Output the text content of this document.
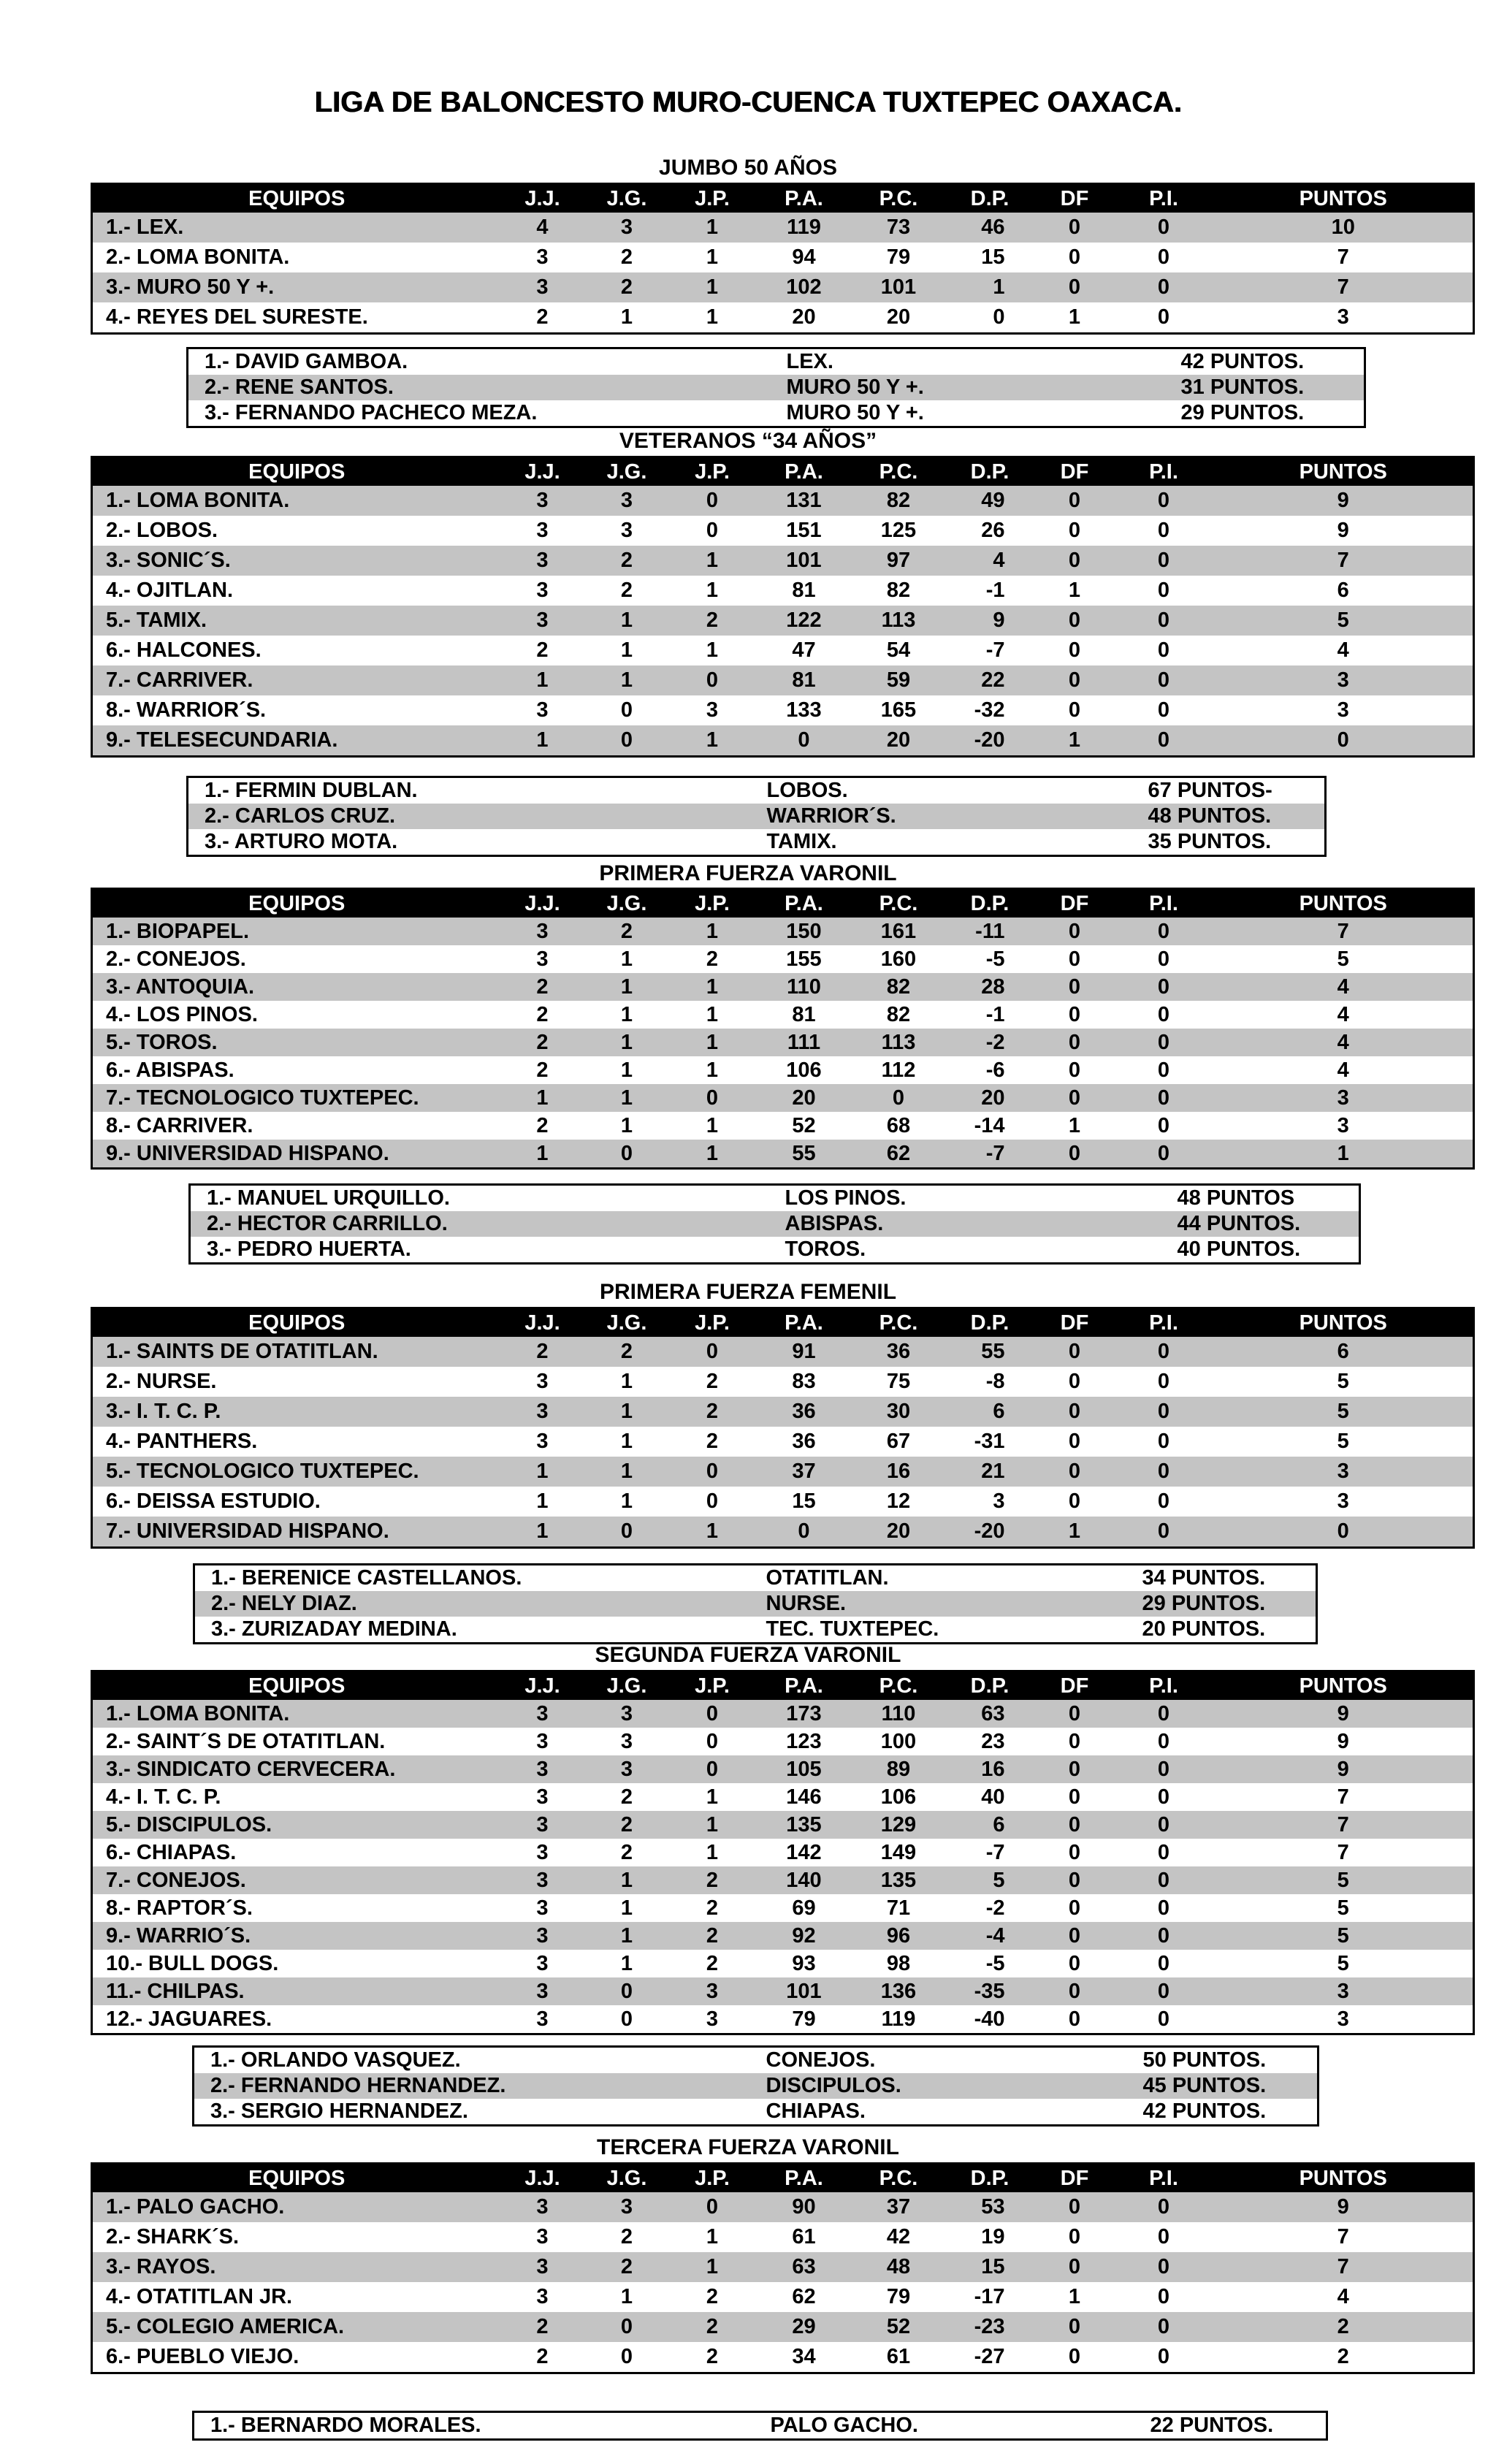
LIGA DE BALONCESTO MURO-CUENCA TUXTEPEC OAXACA.
JUMBO 50 AÑOS
EQUIPOS	J.J.	J.G.	J.P.	P.A.	P.C.	D.P.	DF	P.I.	PUNTOS
1.- LEX.	4	3	1	119	73	46	0	0	10
2.- LOMA BONITA.	3	2	1	94	79	15	0	0	7
3.- MURO 50 Y +.	3	2	1	102	101	1	0	0	7
4.- REYES DEL SURESTE.	2	1	1	20	20	0	1	0	3
1.- DAVID GAMBOA.	LEX.	42 PUNTOS.
2.- RENE SANTOS.	MURO 50 Y +.	31 PUNTOS.
3.- FERNANDO PACHECO MEZA.	MURO 50 Y +.	29 PUNTOS.
VETERANOS “34 AÑOS”
EQUIPOS	J.J.	J.G.	J.P.	P.A.	P.C.	D.P.	DF	P.I.	PUNTOS
1.- LOMA BONITA.	3	3	0	131	82	49	0	0	9
2.- LOBOS.	3	3	0	151	125	26	0	0	9
3.- SONIC´S.	3	2	1	101	97	4	0	0	7
4.- OJITLAN.	3	2	1	81	82	-1	1	0	6
5.- TAMIX.	3	1	2	122	113	9	0	0	5
6.- HALCONES.	2	1	1	47	54	-7	0	0	4
7.- CARRIVER.	1	1	0	81	59	22	0	0	3
8.- WARRIOR´S.	3	0	3	133	165	-32	0	0	3
9.- TELESECUNDARIA.	1	0	1	0	20	-20	1	0	0
1.- FERMIN DUBLAN.	LOBOS.	67 PUNTOS-
2.- CARLOS CRUZ.	WARRIOR´S.	48 PUNTOS.
3.- ARTURO MOTA.	TAMIX.	35 PUNTOS.
PRIMERA FUERZA VARONIL
EQUIPOS	J.J.	J.G.	J.P.	P.A.	P.C.	D.P.	DF	P.I.	PUNTOS
1.- BIOPAPEL.	3	2	1	150	161	-11	0	0	7
2.- CONEJOS.	3	1	2	155	160	-5	0	0	5
3.- ANTOQUIA.	2	1	1	110	82	28	0	0	4
4.- LOS PINOS.	2	1	1	81	82	-1	0	0	4
5.- TOROS.	2	1	1	111	113	-2	0	0	4
6.- ABISPAS.	2	1	1	106	112	-6	0	0	4
7.- TECNOLOGICO TUXTEPEC.	1	1	0	20	0	20	0	0	3
8.- CARRIVER.	2	1	1	52	68	-14	1	0	3
9.- UNIVERSIDAD HISPANO.	1	0	1	55	62	-7	0	0	1
1.- MANUEL URQUILLO.	LOS PINOS.	48 PUNTOS
2.- HECTOR CARRILLO.	ABISPAS.	44 PUNTOS.
3.- PEDRO HUERTA.	TOROS.	40 PUNTOS.
PRIMERA FUERZA FEMENIL
EQUIPOS	J.J.	J.G.	J.P.	P.A.	P.C.	D.P.	DF	P.I.	PUNTOS
1.- SAINTS DE OTATITLAN.	2	2	0	91	36	55	0	0	6
2.- NURSE.	3	1	2	83	75	-8	0	0	5
3.- I. T. C. P.	3	1	2	36	30	6	0	0	5
4.- PANTHERS.	3	1	2	36	67	-31	0	0	5
5.- TECNOLOGICO TUXTEPEC.	1	1	0	37	16	21	0	0	3
6.- DEISSA ESTUDIO.	1	1	0	15	12	3	0	0	3
7.- UNIVERSIDAD HISPANO.	1	0	1	0	20	-20	1	0	0
1.- BERENICE CASTELLANOS.	OTATITLAN.	34 PUNTOS.
2.- NELY DIAZ.	NURSE.	29 PUNTOS.
3.- ZURIZADAY MEDINA.	TEC. TUXTEPEC.	20 PUNTOS.
SEGUNDA FUERZA VARONIL
EQUIPOS	J.J.	J.G.	J.P.	P.A.	P.C.	D.P.	DF	P.I.	PUNTOS
1.- LOMA BONITA.	3	3	0	173	110	63	0	0	9
2.- SAINT´S DE OTATITLAN.	3	3	0	123	100	23	0	0	9
3.- SINDICATO CERVECERA.	3	3	0	105	89	16	0	0	9
4.- I. T. C. P.	3	2	1	146	106	40	0	0	7
5.- DISCIPULOS.	3	2	1	135	129	6	0	0	7
6.- CHIAPAS.	3	2	1	142	149	-7	0	0	7
7.- CONEJOS.	3	1	2	140	135	5	0	0	5
8.- RAPTOR´S.	3	1	2	69	71	-2	0	0	5
9.- WARRIO´S.	3	1	2	92	96	-4	0	0	5
10.- BULL DOGS.	3	1	2	93	98	-5	0	0	5
11.- CHILPAS.	3	0	3	101	136	-35	0	0	3
12.- JAGUARES.	3	0	3	79	119	-40	0	0	3
1.- ORLANDO VASQUEZ.	CONEJOS.	50 PUNTOS.
2.- FERNANDO HERNANDEZ.	DISCIPULOS.	45 PUNTOS.
3.- SERGIO HERNANDEZ.	CHIAPAS.	42 PUNTOS.
TERCERA FUERZA VARONIL
EQUIPOS	J.J.	J.G.	J.P.	P.A.	P.C.	D.P.	DF	P.I.	PUNTOS
1.- PALO GACHO.	3	3	0	90	37	53	0	0	9
2.- SHARK´S.	3	2	1	61	42	19	0	0	7
3.- RAYOS.	3	2	1	63	48	15	0	0	7
4.- OTATITLAN JR.	3	1	2	62	79	-17	1	0	4
5.- COLEGIO AMERICA.	2	0	2	29	52	-23	0	0	2
6.- PUEBLO VIEJO.	2	0	2	34	61	-27	0	0	2
1.- BERNARDO MORALES.	PALO GACHO.	22 PUNTOS.
